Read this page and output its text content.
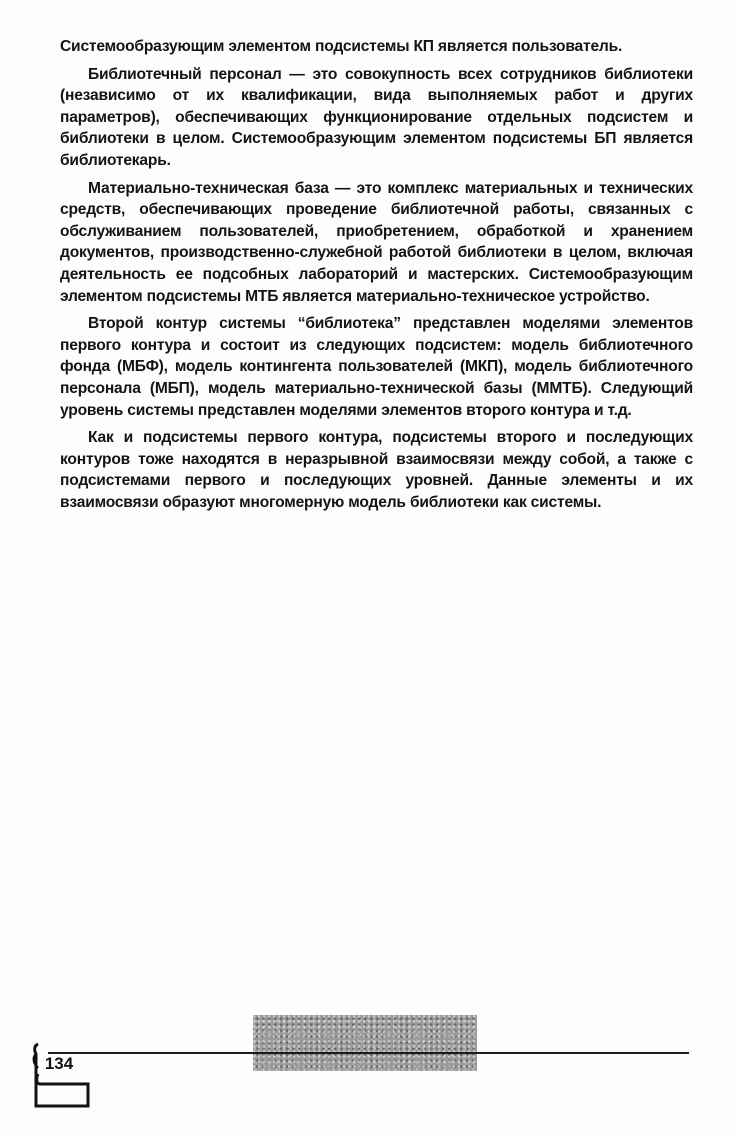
Системообразующим элементом подсистемы КП является пользователь.

Библиотечный персонал — это совокупность всех сотрудников библиотеки (независимо от их квалификации, вида выполняемых работ и других параметров), обеспечивающих функционирование отдельных подсистем и библиотеки в целом. Системообразующим элементом подсистемы БП является библиотекарь.

Материально-техническая база — это комплекс материальных и технических средств, обеспечивающих проведение библиотечной работы, связанных с обслуживанием пользователей, приобретением, обработкой и хранением документов, производственно-служебной работой библиотеки в целом, включая деятельность ее подсобных лабораторий и мастерских. Системообразующим элементом подсистемы МТБ является материально-техническое устройство.

Второй контур системы “библиотека” представлен моделями элементов первого контура и состоит из следующих подсистем: модель библиотечного фонда (МБФ), модель контингента пользователей (МКП), модель библиотечного персонала (МБП), модель материально-технической базы (ММТБ). Следующий уровень системы представлен моделями элементов второго контура и т.д.

Как и подсистемы первого контура, подсистемы второго и последующих контуров тоже находятся в неразрывной взаимосвязи между собой, а также с подсистемами первого и последующих уровней. Данные элементы и их взаимосвязи образуют многомерную модель библиотеки как системы.

134
